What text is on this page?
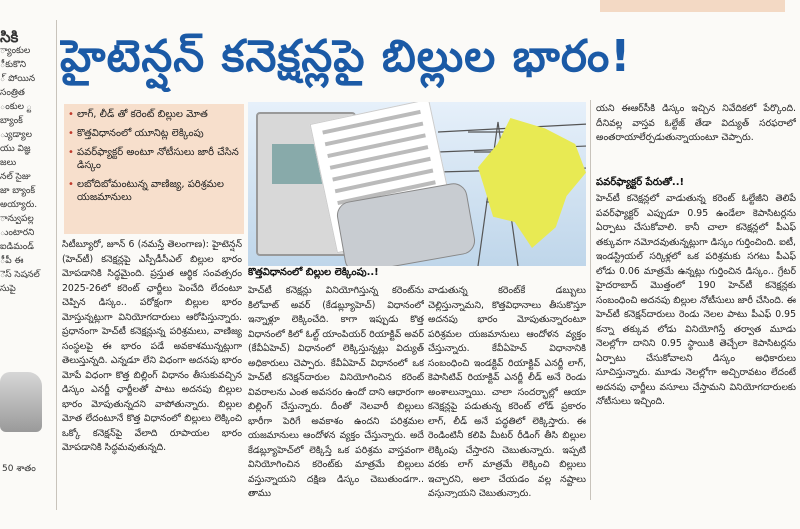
సికి
్యాంకుల
ీకుకొని
్ పోయిన
సంత్రిత
ంకుల ్ట
బ్యాంక్
్యుడ్యాల
యు విజ్ఞ
జలు
నల్ సైజు
జా బ్యాంక్
అయ్యారు.
ాన్వుపల్ల
ుంటారని
ఐడిమండ్
ీపీ ఈ
ెస్ సెషనల్
సుపై
50 శాతం
హైటెన్షన్ కనెక్షన్లపై బిల్లుల భారం!
• లాగ్, లీడ్ తో కరెంట్ బిల్లుల మోత
• కొత్తవిధానంలో యూనిట్ల లెక్కింపు
• పవర్‌ఫ్యాక్టర్ అంటూ నోటీసులు జారీ చేసిన డిస్కం
• లబోదిబోమంటున్న వాణిజ్య, పరిశ్రమల యజమానులు
కొత్తవిధానంలో బిల్లుల లెక్కింపు..!
సిటీబ్యూరో, జూన్ 6 (నమస్తే తెలంగాణ): హైటెన్షన్ (హెచ్‌టీ) కనెక్షన్లపై ఎస్పీడీసీఎల్ బిల్లుల భారం మోపడానికి సిద్ధమైంది. ప్రస్తుత ఆర్థిక సంవత్సరం 2025-26లో కరెంట్ ఛార్జీలు పెంచేది లేదంటూ చెప్పిన డిస్కం.. పరోక్షంగా బిల్లుల భారం మోస్తున్నట్లుగా వినియోగదారులు ఆరోపిస్తున్నారు. ప్రధానంగా హెచ్‌టీ కనెక్షన్లున్న పరిశ్రమలు, వాణిజ్య సంస్థలపై ఈ భారం పడే అవకాశమున్నట్లుగా తెలుస్తున్నది. ఎన్నడూ లేని విధంగా అదనపు భారం మోపే విధంగా కొత్త బిల్లింగ్ విధానం తీసుకువచ్చిన డిస్కం ఎనర్జీ ఛార్జీలతో పాటు అదనపు బిల్లుల భారం మోపుతున్నదని వాపోతున్నారు. బిల్లుల మోత లేదంటూనే కొత్త విధానంలో బిల్లులు లెక్కించి ఒక్కో కనెక్షన్‌పై వేలాది రూపాయల భారం మోపడానికి సిద్ధమవుతున్నది.
హెచ్‌టీ కనెక్షన్లు వినియోగిస్తున్న కరెంట్‌ను కిలోవాట్ అవర్ (కేడబ్ల్యూహెచ్) విధానంలో ఇన్నాళ్లూ లెక్కించేది. కాగా ఇప్పుడు కొత్త విధానంలో కిలో ఓల్ట్ యాంపియర్ రియాక్టివ్ అవర్ (కేవీఏహెచ్) విధానంలో లెక్కిస్తున్నట్లు విద్యుత్ అధికారులు చెప్పారు. కేవీఏహెచ్ విధానంలో ఒక హెచ్‌టీ కనెక్షన్‌దారుల వినియోగించిన కరెంట్ వివరాలను ఎంత అవసరం ఉందో దాని ఆధారంగా బిల్లింగ్ చేస్తున్నారు. దీంతో నెలవారీ బిల్లులు భారీగా పెరిగే అవకాశం ఉందని పరిశ్రమల యజమానులు ఆందోళన వ్యక్తం చేస్తున్నారు. అదే కేడబ్ల్యూహెచ్‌లో లెక్కిస్తే ఒక పరిశ్రమ వాస్తవంగా వినియోగించిన కరెంట్‌కు మాత్రమే బిల్లులు వస్తున్నాయని దక్షిణ డిస్కం చెబుతుండగా.. తాము
వాడుతున్న కరెంట్‌కే డబ్బులు చెల్లిస్తున్నామని, కొత్తవిధానాలు తీసుకొస్తూ అదనపు భారం మోపుతున్నారంటూ పరిశ్రమల యజమానులు ఆందోళన వ్యక్తం చేస్తున్నారు. కేవీఏహెచ్ విధానానికి సంబంధించి ఇండక్టివ్ రియాక్టివ్ ఎనర్జీ లాగ్, కెపాసిటివ్ రియాక్టివ్ ఎనర్జీ లీడ్ అనే రెండు అంశాలున్నాయి. చాలా సందర్భాల్లో ఆయా కనెక్షన్లపై పడుతున్న కరెంట్ లోడ్ ప్రకారం లాగ్, లీడ్ అనే పద్ధతిలో లెక్కిస్తారు. ఈ రెండింటినీ కలిపి మీటర్ రీడింగ్ తీసి బిల్లుల లెక్కింపు చేస్తారని చెబుతున్నారు. ఇప్పటి వరకు లాగ్ మాత్రమే లెక్కించి బిల్లులు ఇచ్చారని, అలా చేయడం వల్ల నష్టాలు వస్తున్నాయని చెబుతున్నారు.
యని ఈఆర్‌సీకి డిస్కం ఇచ్చిన నివేదికలో పేర్కొంది. దీనివల్ల వాస్తవ ఓల్టేజ్ తేడా విద్యుత్ సరఫరాలో అంతరాయాలేర్పడుతున్నాయంటూ చెప్పారు.
పవర్‌ఫ్యాక్టర్ పేరుతో..!
హెచ్‌టీ కనెక్షన్లలో వాడుతున్న కరెంట్ ఓల్టేజీని తెలిపే పవర్‌ఫ్యాక్టర్ ఎప్పుడూ 0.95 ఉండేలా కెపాసిటర్లను ఏర్పాటు చేసుకోవాలి. కానీ చాలా కనెక్షన్లలో పీఎఫ్ తక్కువగా నమోదవుతున్నట్లుగా డిస్కం గుర్తించింది. ఐటీ, ఇండస్ట్రియల్ సర్కిళ్లలో ఒక పరిశ్రమకు సగటు పీఎఫ్ లోడు 0.06 మాత్రమే ఉన్నట్లు గుర్తించిన డిస్కం.. గ్రేటర్ హైదరాబాద్ మొత్తంలో 190 హెచ్‌టీ కనెక్షన్లకు సంబంధించి అదనపు బిల్లుల నోటీసులు జారీ చేసింది. ఈ హెచ్‌టీ కనెక్షన్‌దారులు రెండు నెలల పాటు పీఎఫ్ 0.95 కన్నా తక్కువ లోడు వినియోగిస్తే తర్వాత మూడు నెలల్లోగా దానిని 0.95 స్థాయికి తెచ్చేలా కెపాసిటర్లను ఏర్పాటు చేసుకోవాలని డిస్కం అధికారులు సూచిస్తున్నారు. మూడు నెలల్లోగా అచ్చిరావటం లేదంటే అదనపు ఛార్జీలు వసూలు చేస్తామని వినియోగదారులకు నోటీసులు ఇచ్చింది.
